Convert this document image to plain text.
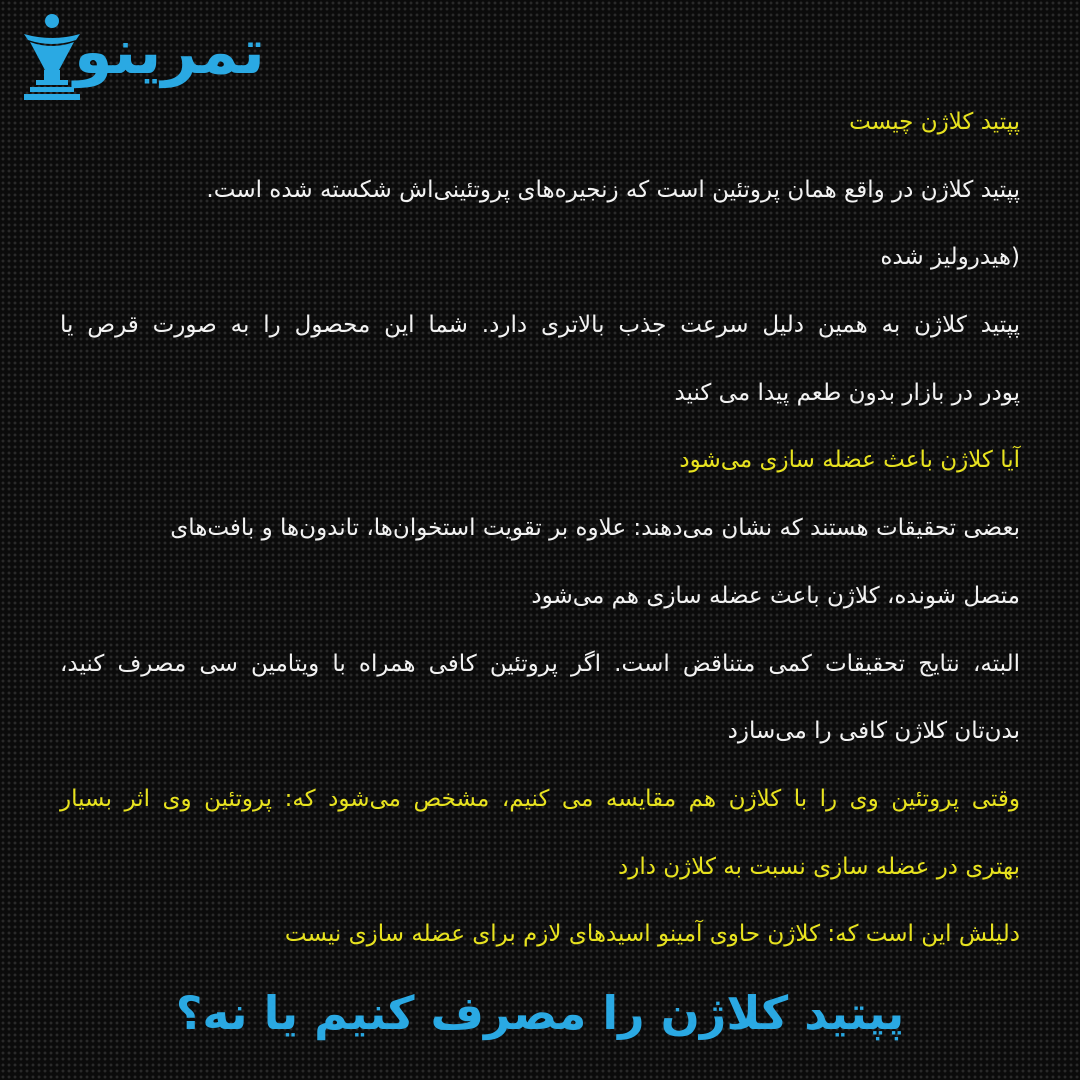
تمرینو
پپتید کلاژن چیست
پپتید کلاژن در واقع همان پروتئین است که زنجیره‌های پروتئینی‌اش شکسته شده است.
(هیدرولیز شده
پپتید کلاژن به همین دلیل سرعت جذب بالاتری دارد. شما این محصول را به صورت قرص یا
پودر در بازار بدون طعم پیدا می کنید
آیا کلاژن باعث عضله سازی می‌شود
بعضی تحقیقات هستند که نشان می‌دهند: علاوه بر تقویت استخوان‌ها، تاندون‌ها و بافت‌های
متصل شونده، کلاژن باعث عضله سازی هم می‌شود
البته، نتایج تحقیقات کمی متناقض است. اگر پروتئین کافی همراه با ویتامین سی مصرف کنید،
بدن‌تان کلاژن کافی را می‌سازد
وقتی پروتئین وی را با کلاژن هم مقایسه می کنیم، مشخص می‌شود که: پروتئین وی اثر بسیار
بهتری در عضله سازی نسبت به کلاژن دارد
دلیلش این است که: کلاژن حاوی آمینو اسیدهای لازم برای عضله سازی نیست
پپتید کلاژن را مصرف کنیم یا نه؟
